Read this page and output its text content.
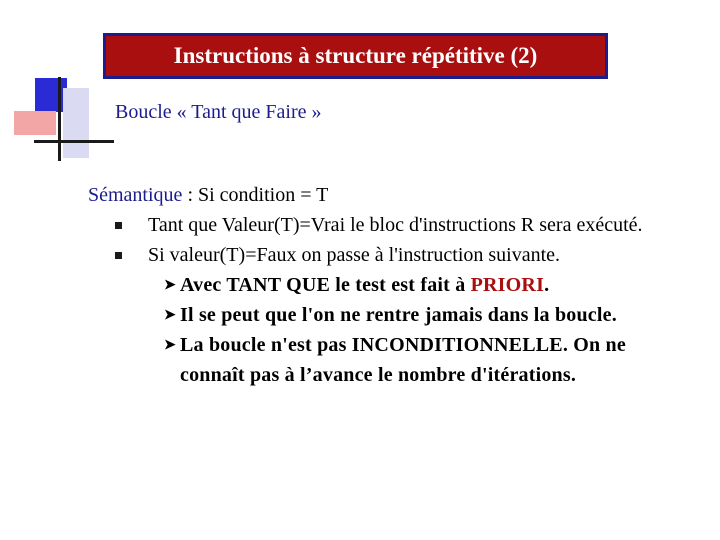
Instructions à structure répétitive (2)
Boucle « Tant que Faire »
Sémantique : Si condition = T
Tant que Valeur(T)=Vrai le bloc d'instructions R sera exécuté.
Si valeur(T)=Faux on passe à l'instruction suivante.
➤ Avec TANT QUE le test est fait à PRIORI.
➤ Il se peut que l'on ne rentre jamais dans la boucle.
➤ La boucle n'est pas INCONDITIONNELLE. On ne connaît pas à l’avance le nombre d'itérations.
